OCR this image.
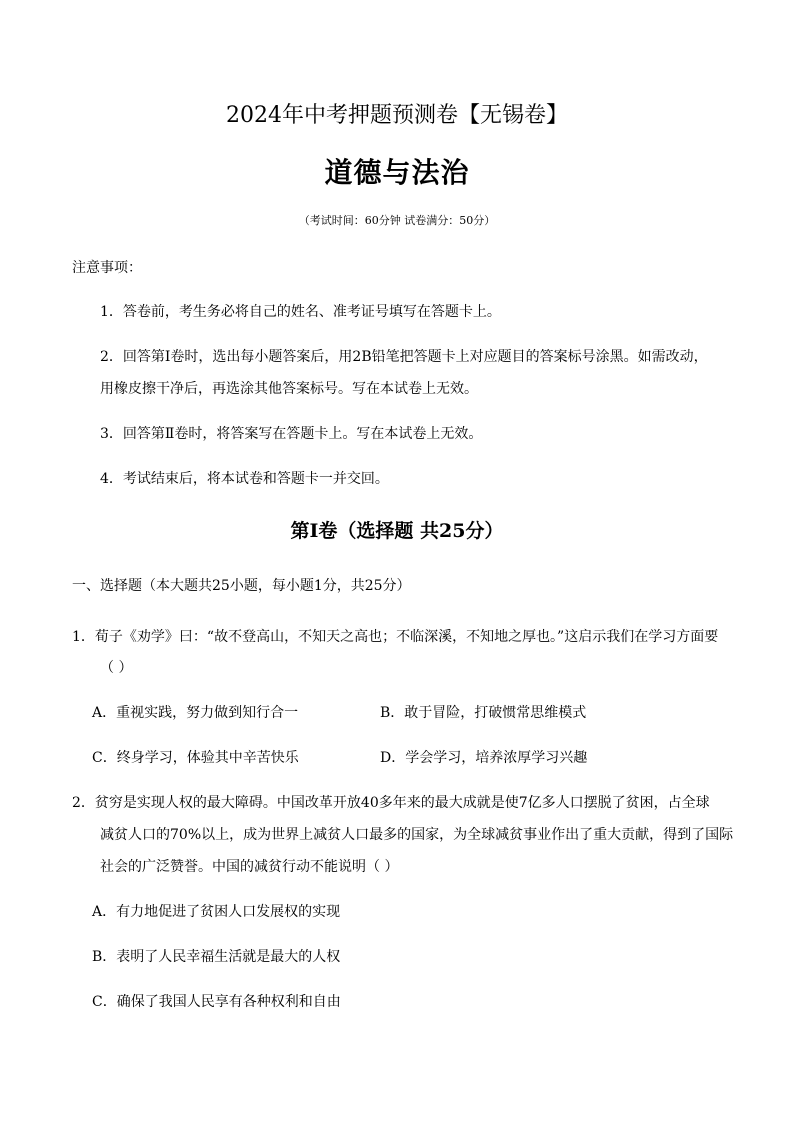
2024年中考押题预测卷【无锡卷】
道德与法治
（考试时间：60分钟 试卷满分：50分）
注意事项：
1．答卷前，考生务必将自己的姓名、准考证号填写在答题卡上。
2．回答第Ⅰ卷时，选出每小题答案后，用2B铅笔把答题卡上对应题目的答案标号涂黑。如需改动，
用橡皮擦干净后，再选涂其他答案标号。写在本试卷上无效。
3．回答第Ⅱ卷时，将答案写在答题卡上。写在本试卷上无效。
4．考试结束后，将本试卷和答题卡一并交回。
第Ⅰ卷（选择题 共25分）
一、选择题（本大题共25小题，每小题1分，共25分）
1．荀子《劝学》曰：“故不登高山，不知天之高也；不临深溪，不知地之厚也。”这启示我们在学习方面要
（ ）
A．重视实践，努力做到知行合一	B．敢于冒险，打破惯常思维模式
C．终身学习，体验其中辛苦快乐	D．学会学习，培养浓厚学习兴趣
2．贫穷是实现人权的最大障碍。中国改革开放40多年来的最大成就是使7亿多人口摆脱了贫困，占全球
减贫人口的70%以上，成为世界上减贫人口最多的国家，为全球减贫事业作出了重大贡献，得到了国际
社会的广泛赞誉。中国的减贫行动不能说明（ ）
A．有力地促进了贫困人口发展权的实现
B．表明了人民幸福生活就是最大的人权
C．确保了我国人民享有各种权利和自由
